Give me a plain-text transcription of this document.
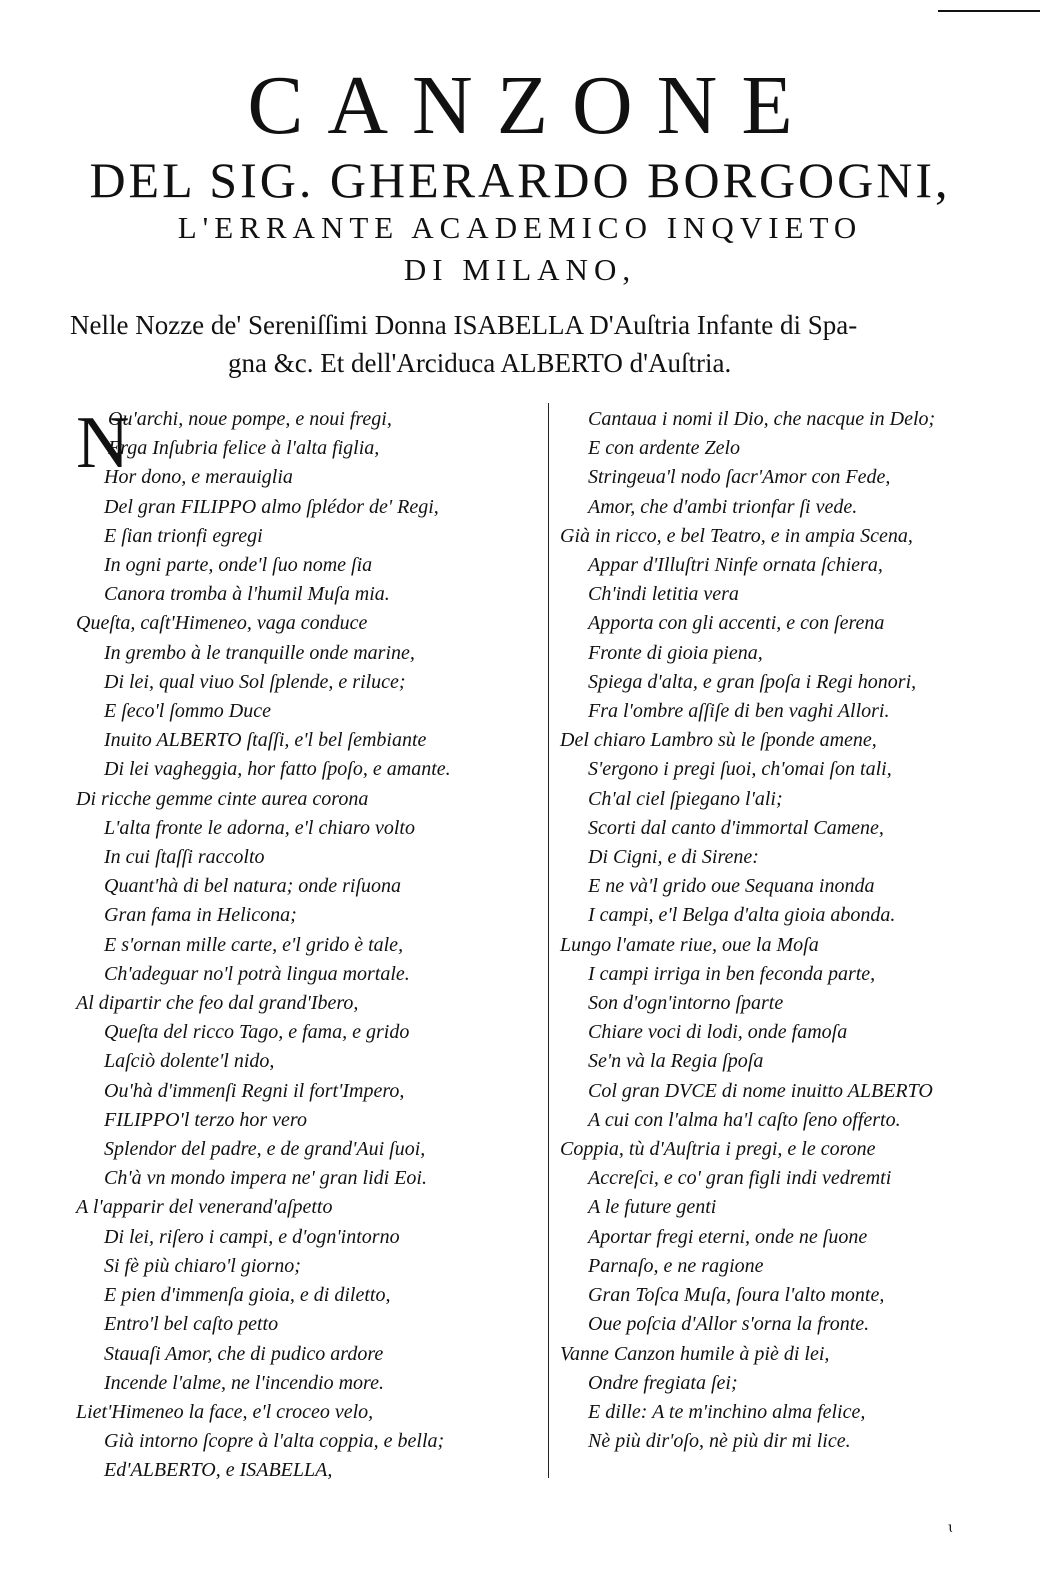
CANZONE

DEL SIG. GHERARDO BORGOGNI,

L'ERRANTE ACADEMICO INQVIETO

DI MILANO,

Nelle Nozze de' Sereniſſimi Donna ISABELLA D'Auſtria Infante di Spa-
gna &c. Et dell'Arciduca ALBERTO d'Auſtria.

N
Ou'archi, noue pompe, e noui fregi,
Erga Inſubria felice à l'alta figlia,
Hor dono, e merauiglia
Del gran FILIPPO almo ſplédor de' Regi,
E ſian trionfi egregi
In ogni parte, onde'l ſuo nome ſia
Canora tromba à l'humil Muſa mia.
Queſta, caſt'Himeneo, vaga conduce
In grembo à le tranquille onde marine,
Di lei, qual viuo Sol ſplende, e riluce;
E ſeco'l ſommo Duce
Inuito ALBERTO ſtaſſi, e'l bel ſembiante
Di lei vagheggia, hor fatto ſpoſo, e amante.
Di ricche gemme cinte aurea corona
L'alta fronte le adorna, e'l chiaro volto
In cui ſtaſſi raccolto
Quant'hà di bel natura; onde riſuona
Gran fama in Helicona;
E s'ornan mille carte, e'l grido è tale,
Ch'adeguar no'l potrà lingua mortale.
Al dipartir che feo dal grand'Ibero,
Queſta del ricco Tago, e fama, e grido
Laſciò dolente'l nido,
Ou'hà d'immenſi Regni il fort'Impero,
FILIPPO'l terzo hor vero
Splendor del padre, e de grand'Aui ſuoi,
Ch'à vn mondo impera ne' gran lidi Eoi.
A l'apparir del venerand'aſpetto
Di lei, riſero i campi, e d'ogn'intorno
Si fè più chiaro'l giorno;
E pien d'immenſa gioia, e di diletto,
Entro'l bel caſto petto
Stauaſi Amor, che di pudico ardore
Incende l'alme, ne l'incendio more.
Liet'Himeneo la face, e'l croceo velo,
Già intorno ſcopre à l'alta coppia, e bella;
Ed'ALBERTO, e ISABELLA,
Cantaua i nomi il Dio, che nacque in Delo;
E con ardente Zelo
Stringeua'l nodo ſacr'Amor con Fede,
Amor, che d'ambi trionfar ſi vede.
Già in ricco, e bel Teatro, e in ampia Scena,
Appar d'Illuſtri Ninfe ornata ſchiera,
Ch'indi letitia vera
Apporta con gli accenti, e con ſerena
Fronte di gioia piena,
Spiega d'alta, e gran ſpoſa i Regi honori,
Fra l'ombre aſſiſe di ben vaghi Allori.
Del chiaro Lambro sù le ſponde amene,
S'ergono i pregi ſuoi, ch'omai ſon tali,
Ch'al ciel ſpiegano l'ali;
Scorti dal canto d'immortal Camene,
Di Cigni, e di Sirene:
E ne và'l grido oue Sequana inonda
I campi, e'l Belga d'alta gioia abonda.
Lungo l'amate riue, oue la Moſa
I campi irriga in ben feconda parte,
Son d'ogn'intorno ſparte
Chiare voci di lodi, onde famoſa
Se'n và la Regia ſpoſa
Col gran DVCE di nome inuitto ALBERTO
A cui con l'alma ha'l caſto ſeno offerto.
Coppia, tù d'Auſtria i pregi, e le corone
Accreſci, e co' gran figli indi vedremti
A le future genti
Aportar fregi eterni, onde ne ſuone
Parnaſo, e ne ragione
Gran Toſca Muſa, ſoura l'alto monte,
Oue poſcia d'Allor s'orna la fronte.
Vanne Canzon humile à piè di lei,
Ondre fregiata ſei;
E dille: A te m'inchino alma felice,
Nè più dir'oſo, nè più dir mi lice.
ɩ
